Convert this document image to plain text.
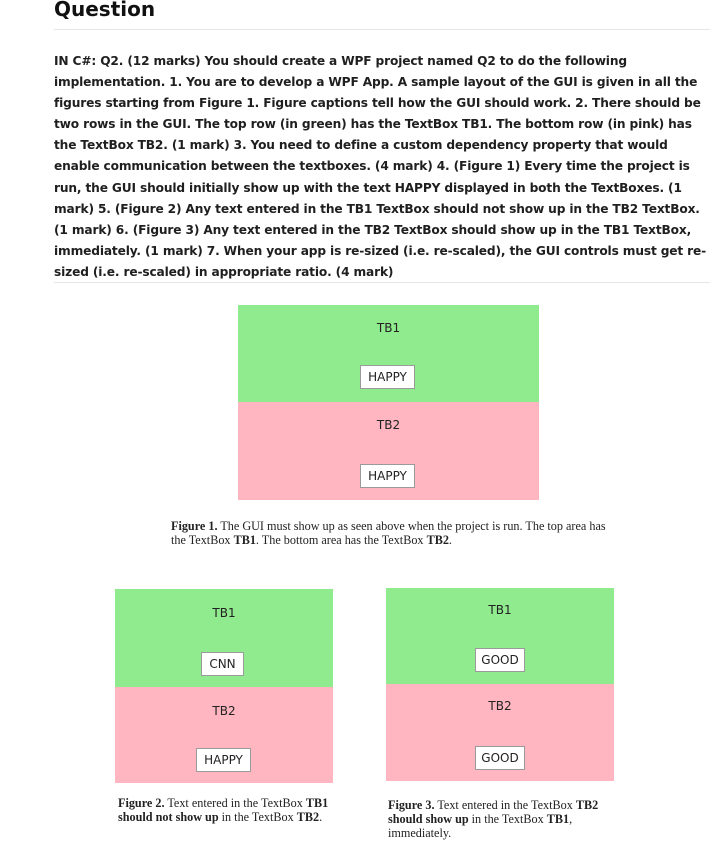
Question
IN C#: Q2. (12 marks) You should create a WPF project named Q2 to do the following implementation. 1. You are to develop a WPF App. A sample layout of the GUI is given in all the figures starting from Figure 1. Figure captions tell how the GUI should work. 2. There should be two rows in the GUI. The top row (in green) has the TextBox TB1. The bottom row (in pink) has the TextBox TB2. (1 mark) 3. You need to define a custom dependency property that would enable communication between the textboxes. (4 mark) 4. (Figure 1) Every time the project is run, the GUI should initially show up with the text HAPPY displayed in both the TextBoxes. (1 mark) 5. (Figure 2) Any text entered in the TB1 TextBox should not show up in the TB2 TextBox. (1 mark) 6. (Figure 3) Any text entered in the TB2 TextBox should show up in the TB1 TextBox, immediately. (1 mark) 7. When your app is re-sized (i.e. re-scaled), the GUI controls must get re-sized (i.e. re-scaled) in appropriate ratio. (4 mark)
TB1
HAPPY
TB2
HAPPY
Figure 1. The GUI must show up as seen above when the project is run. The top area has the TextBox TB1. The bottom area has the TextBox TB2.
TB1
CNN
TB2
HAPPY
Figure 2. Text entered in the TextBox TB1 should not show up in the TextBox TB2.
TB1
GOOD
TB2
GOOD
Figure 3. Text entered in the TextBox TB2 should show up in the TextBox TB1, immediately.
